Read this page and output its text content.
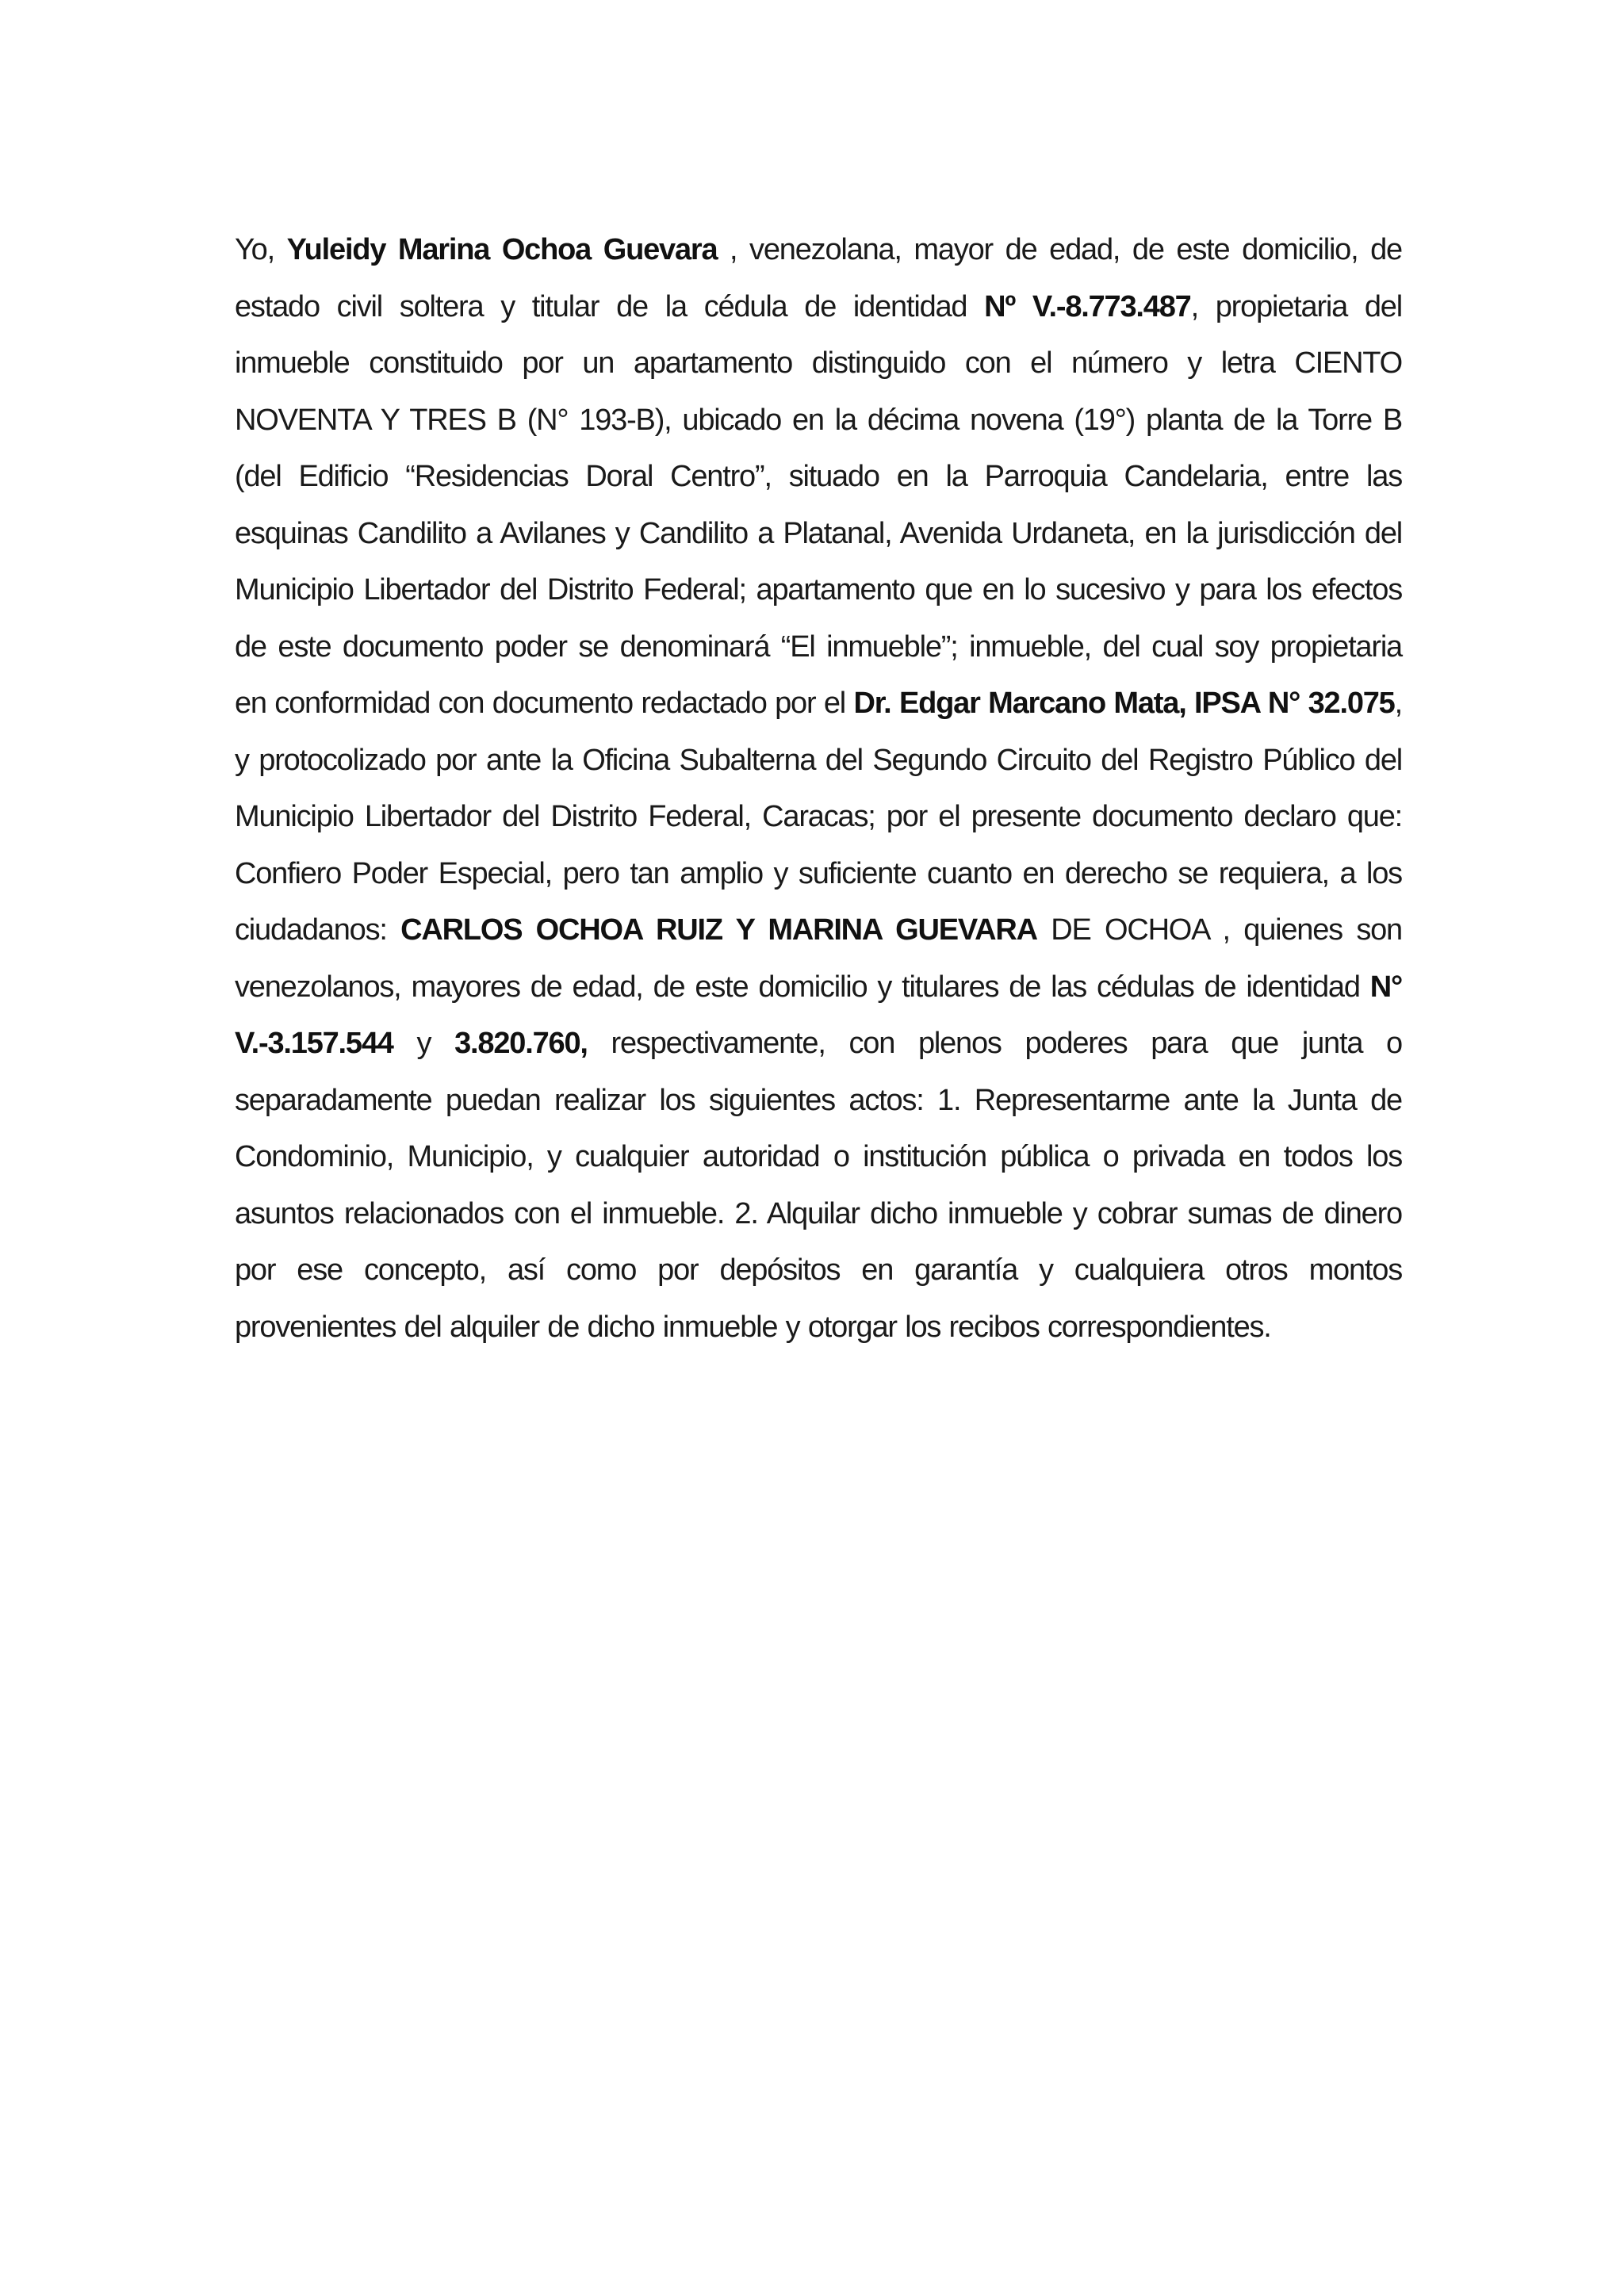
Yo, Yuleidy Marina Ochoa Guevara , venezolana, mayor de edad, de este domicilio, de estado civil soltera y titular de la cédula de identidad Nº V.-8.773.487, propietaria del inmueble constituido por un apartamento distinguido con el número y letra CIENTO NOVENTA Y TRES B (N° 193-B), ubicado en la décima novena (19°) planta de la Torre B (del Edificio “Residencias Doral Centro”, situado en la Parroquia Candelaria, entre las esquinas Candilito a Avilanes y Candilito a Platanal, Avenida Urdaneta, en la jurisdicción del Municipio Libertador del Distrito Federal; apartamento que en lo sucesivo y para los efectos de este documento poder se denominará “El inmueble”; inmueble, del cual soy propietaria en conformidad con documento redactado por el Dr. Edgar Marcano Mata, IPSA N° 32.075, y protocolizado por ante la Oficina Subalterna del Segundo Circuito del Registro Público del Municipio Libertador del Distrito Federal, Caracas; por el presente documento declaro que: Confiero Poder Especial, pero tan amplio y suficiente cuanto en derecho se requiera, a los ciudadanos: CARLOS OCHOA RUIZ Y MARINA GUEVARA DE OCHOA , quienes son venezolanos, mayores de edad, de este domicilio y titulares de las cédulas de identidad N° V.-3.157.544 y 3.820.760, respectivamente, con plenos poderes para que junta o separadamente puedan realizar los siguientes actos: 1. Representarme ante la Junta de Condominio, Municipio, y cualquier autoridad o institución pública o privada en todos los asuntos relacionados con el inmueble. 2. Alquilar dicho inmueble y cobrar sumas de dinero por ese concepto, así como por depósitos en garantía y cualquiera otros montos provenientes del alquiler de dicho inmueble y otorgar los recibos correspondientes.
